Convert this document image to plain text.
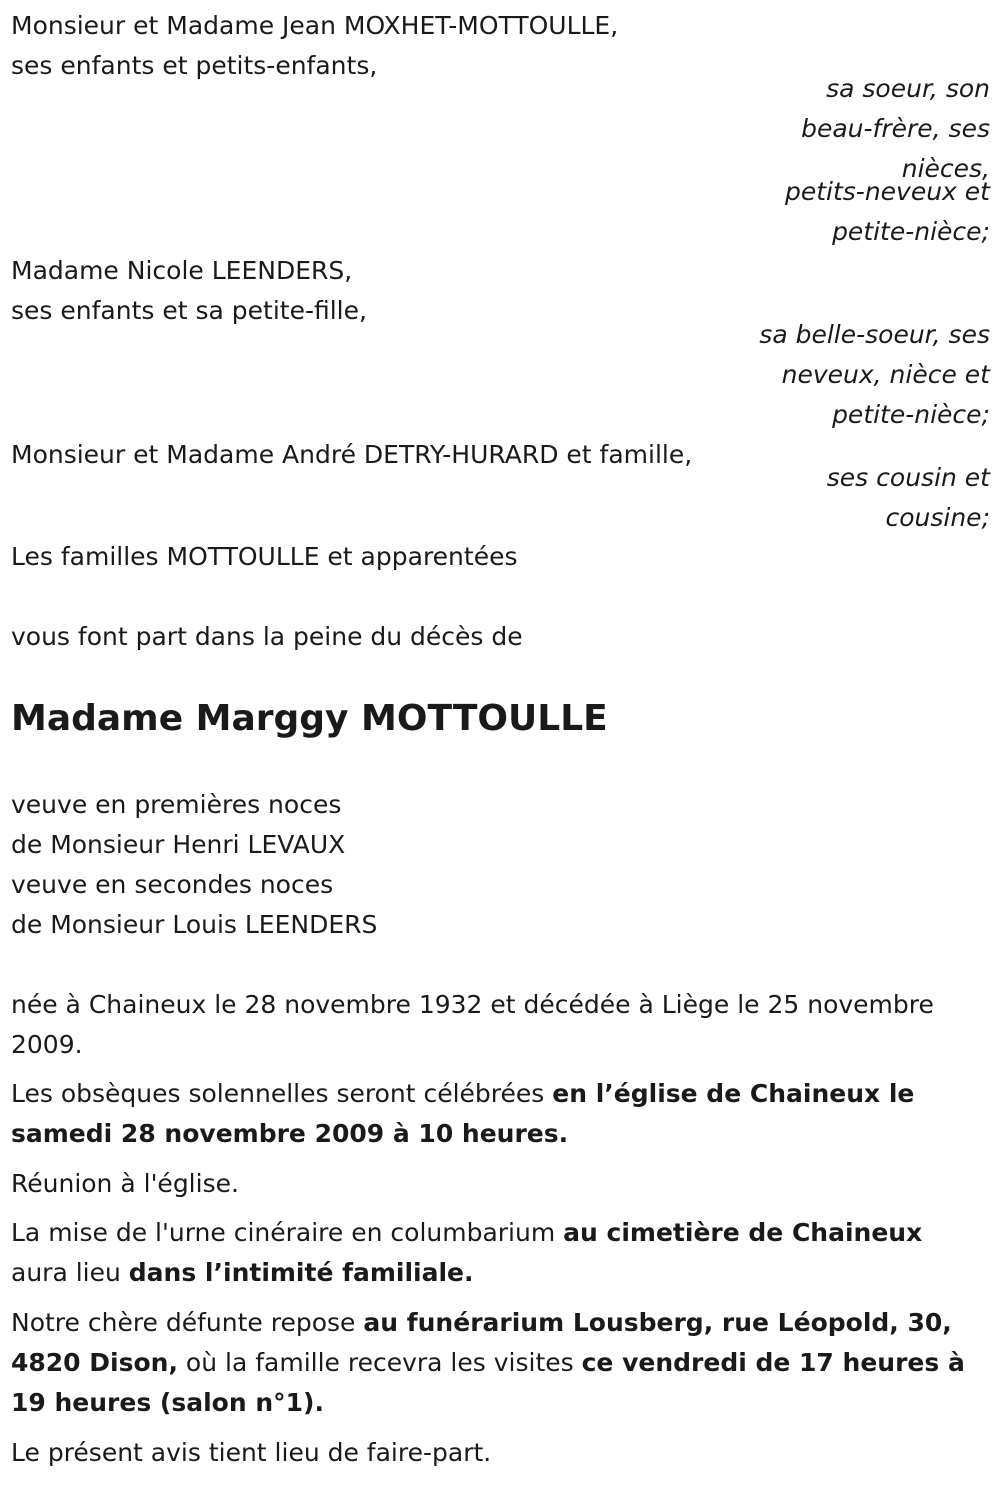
Monsieur et Madame Jean MOXHET-MOTTOULLE,
ses enfants et petits-enfants,
sa soeur, son
beau-frère, ses
nièces,
petits-neveux et
petite-nièce;
Madame Nicole LEENDERS,
ses enfants et sa petite-fille,
sa belle-soeur, ses
neveux, nièce et
petite-nièce;
Monsieur et Madame André DETRY-HURARD et famille,
ses cousin et
cousine;
Les familles MOTTOULLE et apparentées
vous font part dans la peine du décès de
Madame Marggy MOTTOULLE
veuve en premières noces
de Monsieur Henri LEVAUX
veuve en secondes noces
de Monsieur Louis LEENDERS
née à Chaineux le 28 novembre 1932 et décédée à Liège le 25 novembre 2009.
Les obsèques solennelles seront célébrées en l’église de Chaineux le samedi 28 novembre 2009 à 10 heures.
Réunion à l'église.
La mise de l'urne cinéraire en columbarium au cimetière de Chaineux aura lieu dans l’intimité familiale.
Notre chère défunte repose au funérarium Lousberg, rue Léopold, 30, 4820 Dison, où la famille recevra les visites ce vendredi de 17 heures à 19 heures (salon n°1).
Le présent avis tient lieu de faire-part.
